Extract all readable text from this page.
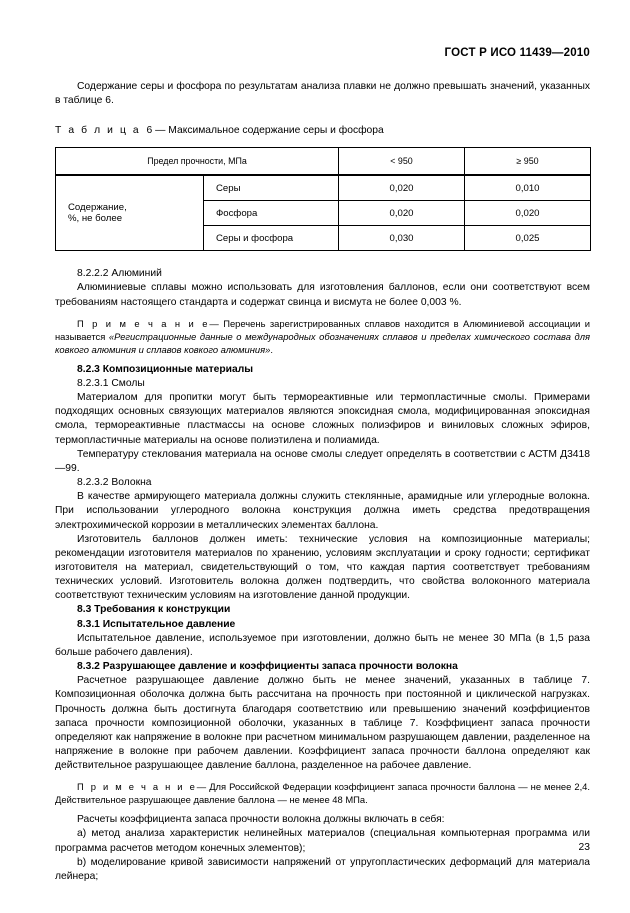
ГОСТ Р ИСО 11439—2010

Содержание серы и фосфора по результатам анализа плавки не должно превышать значений, указанных в таблице 6.

Т а б л и ц а 6 — Максимальное содержание серы и фосфора

Предел прочности, МПа		< 950	≥ 950

Содержание,
%, не более	Серы	0,020	0,010
	Фосфора	0,020	0,020
	Серы и фосфора	0,030	0,025

8.2.2.2 Алюминий

Алюминиевые сплавы можно использовать для изготовления баллонов, если они соответствуют всем требованиям настоящего стандарта и содержат свинца и висмута не более 0,003 %.

П р и м е ч а н и е— Перечень зарегистрированных сплавов находится в Алюминиевой ассоциации и называется «Регистрационные данные о международных обозначениях сплавов и пределах химического состава для ковкого алюминия и сплавов ковкого алюминия».

8.2.3 Композиционные материалы

8.2.3.1 Смолы

Материалом для пропитки могут быть термореактивные или термопластичные смолы. Примерами подходящих основных связующих материалов являются эпоксидная смола, модифицированная эпоксидная смола, термореактивные пластмассы на основе сложных полиэфиров и виниловых сложных эфиров, термопластичные материалы на основе полиэтилена и полиамида.

Температуру стеклования материала на основе смолы следует определять в соответствии с АСТМ Д3418—99.

8.2.3.2 Волокна

В качестве армирующего материала должны служить стеклянные, арамидные или углеродные волокна. При использовании углеродного волокна конструкция должна иметь средства предотвращения электрохимической коррозии в металлических элементах баллона.

Изготовитель баллонов должен иметь: технические условия на композиционные материалы; рекомендации изготовителя материалов по хранению, условиям эксплуатации и сроку годности; сертификат изготовителя на материал, свидетельствующий о том, что каждая партия соответствует требованиям технических условий. Изготовитель волокна должен подтвердить, что свойства волоконного материала соответствуют техническим условиям на изготовление данной продукции.

8.3 Требования к конструкции

8.3.1 Испытательное давление

Испытательное давление, используемое при изготовлении, должно быть не менее 30 МПа (в 1,5 раза больше рабочего давления).

8.3.2 Разрушающее давление и коэффициенты запаса прочности волокна

Расчетное разрушающее давление должно быть не менее значений, указанных в таблице 7. Композиционная оболочка должна быть рассчитана на прочность при постоянной и циклической нагрузках. Прочность должна быть достигнута благодаря соответствию или превышению значений коэффициентов запаса прочности композиционной оболочки, указанных в таблице 7. Коэффициент запаса прочности определяют как напряжение в волокне при расчетном минимальном разрушающем давлении, разделенное на напряжение в волокне при рабочем давлении. Коэффициент запаса прочности баллона определяют как действительное разрушающее давление баллона, разделенное на рабочее давление.

П р и м е ч а н и е— Для Российской Федерации коэффициент запаса прочности баллона — не менее 2,4. Действительное разрушающее давление баллона — не менее 48 МПа.

Расчеты коэффициента запаса прочности волокна должны включать в себя:

a) метод анализа характеристик нелинейных материалов (специальная компьютерная программа или программа расчетов методом конечных элементов);

b) моделирование кривой зависимости напряжений от упругопластических деформаций для материала лейнера;

23
